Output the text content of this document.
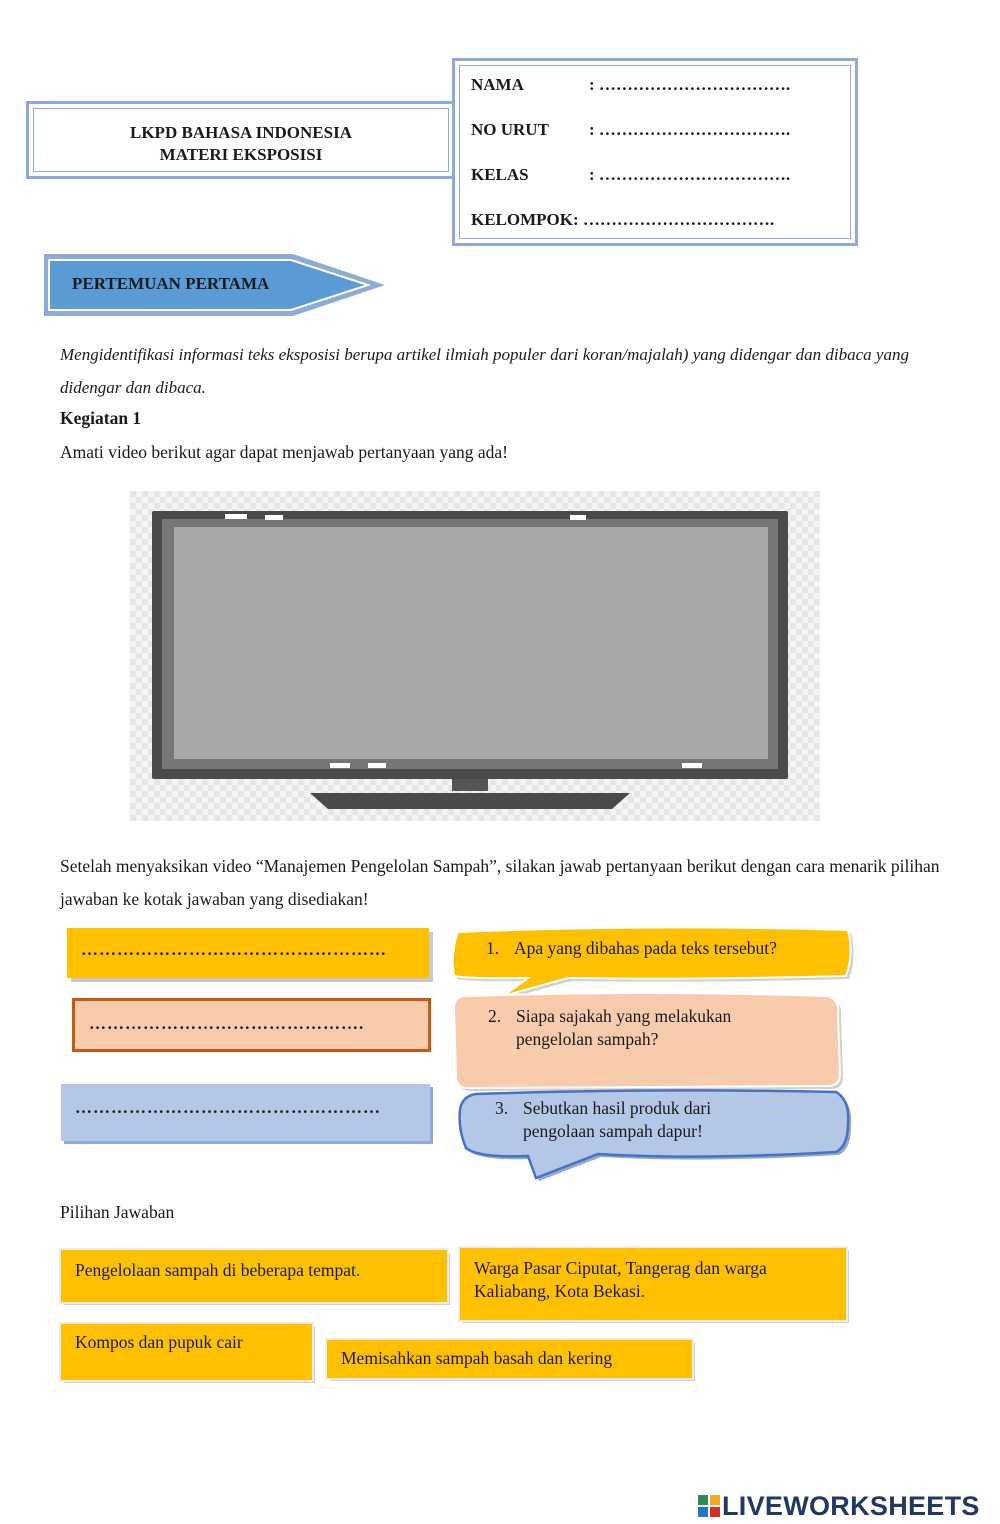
LKPD BAHASA INDONESIA
MATERI EKSPOSISI
NAMA	: …………………………….
NO URUT : …………………………….
KELAS	: …………………………….
KELOMPOK: …………………………….
PERTEMUAN PERTAMA
Mengidentifikasi informasi teks eksposisi berupa artikel ilmiah populer dari koran/majalah) yang didengar dan dibaca yang didengar dan dibaca.
Kegiatan 1
Amati video berikut agar dapat menjawab pertanyaan yang ada!
Setelah menyaksikan video “Manajemen Pengelolan Sampah”, silakan jawab pertanyaan berikut dengan cara menarik pilihan jawaban ke kotak jawaban yang disediakan!
……………………………………………
……………………………………….
……………………………………………
1. Apa yang dibahas pada teks tersebut?
2. Siapa sajakah yang melakukan
pengelolan sampah?
3. Sebutkan hasil produk dari
pengolaan sampah dapur!
Pilihan Jawaban
Pengelolaan sampah di beberapa tempat.	Warga Pasar Ciputat, Tangerag dan warga Kaliabang, Kota Bekasi.
Kompos dan pupuk cair
Memisahkan sampah basah dan kering
LIVEWORKSHEETS
